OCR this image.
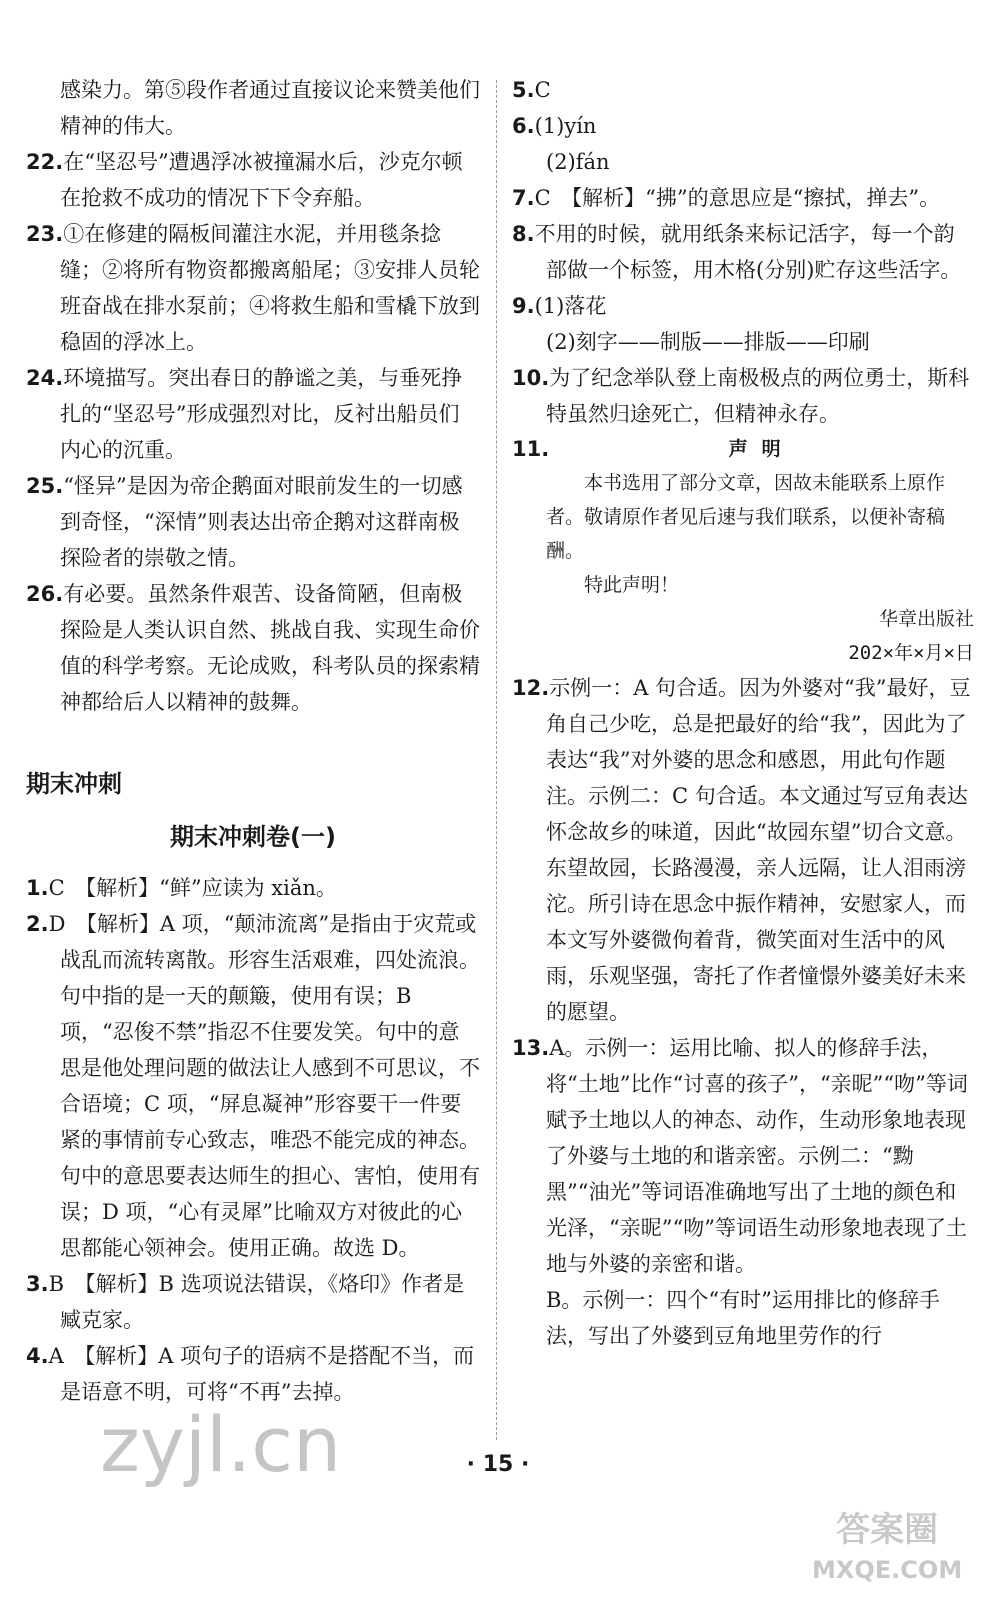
感染力。第⑤段作者通过直接议论来赞美他们精神的伟大。

22.在“坚忍号”遭遇浮冰被撞漏水后，沙克尔顿在抢救不成功的情况下下令弃船。

23.①在修建的隔板间灌注水泥，并用毯条捻缝；②将所有物资都搬离船尾；③安排人员轮班奋战在排水泵前；④将救生船和雪橇下放到稳固的浮冰上。

24.环境描写。突出春日的静谧之美，与垂死挣扎的“坚忍号”形成强烈对比，反衬出船员们内心的沉重。

25.“怪异”是因为帝企鹅面对眼前发生的一切感到奇怪，“深情”则表达出帝企鹅对这群南极探险者的崇敬之情。

26.有必要。虽然条件艰苦、设备简陋，但南极探险是人类认识自然、挑战自我、实现生命价值的科学考察。无论成败，科考队员的探索精神都给后人以精神的鼓舞。

期末冲刺
期末冲刺卷(一)

1.C　【解析】“鲜”应读为 xiǎn。

2.D　【解析】A 项，“颠沛流离”是指由于灾荒或战乱而流转离散。形容生活艰难，四处流浪。句中指的是一天的颠簸，使用有误；B 项，“忍俊不禁”指忍不住要发笑。句中的意思是他处理问题的做法让人感到不可思议，不合语境；C 项，“屏息凝神”形容要干一件要紧的事情前专心致志，唯恐不能完成的神态。句中的意思要表达师生的担心、害怕，使用有误；D 项，“心有灵犀”比喻双方对彼此的心思都能心领神会。使用正确。故选 D。

3.B　【解析】B 选项说法错误，《烙印》作者是臧克家。

4.A　【解析】A 项句子的语病不是搭配不当，而是语意不明，可将“不再”去掉。

5.C

6.(1)yín

(2)fán

7.C　【解析】“拂”的意思应是“擦拭，掸去”。

8.不用的时候，就用纸条来标记活字，每一个韵部做一个标签，用木格(分别)贮存这些活字。

9.(1)落花

(2)刻字——制版——排版——印刷

10.为了纪念举队登上南极极点的两位勇士，斯科特虽然归途死亡，但精神永存。

11.	声明

本书选用了部分文章，因故未能联系上原作者。敬请原作者见后速与我们联系，以便补寄稿酬。

特此声明！

华章出版社

202×年×月×日

12.示例一：A 句合适。因为外婆对“我”最好，豆角自己少吃，总是把最好的给“我”，因此为了表达“我”对外婆的思念和感恩，用此句作题注。示例二：C 句合适。本文通过写豆角表达怀念故乡的味道，因此“故园东望”切合文意。东望故园，长路漫漫，亲人远隔，让人泪雨滂沱。所引诗在思念中振作精神，安慰家人，而本文写外婆微佝着背，微笑面对生活中的风雨，乐观坚强，寄托了作者憧憬外婆美好未来的愿望。

13.A。示例一：运用比喻、拟人的修辞手法，将“土地”比作“讨喜的孩子”，“亲昵”“吻”等词赋予土地以人的神态、动作，生动形象地表现了外婆与土地的和谐亲密。示例二：“黝黑”“油光”等词语准确地写出了土地的颜色和光泽，“亲昵”“吻”等词语生动形象地表现了土地与外婆的亲密和谐。

B。示例一：四个“有时”运用排比的修辞手法，写出了外婆到豆角地里劳作的行

· 15 ·
zyjl.cn
答案圈
MXQE.COM
